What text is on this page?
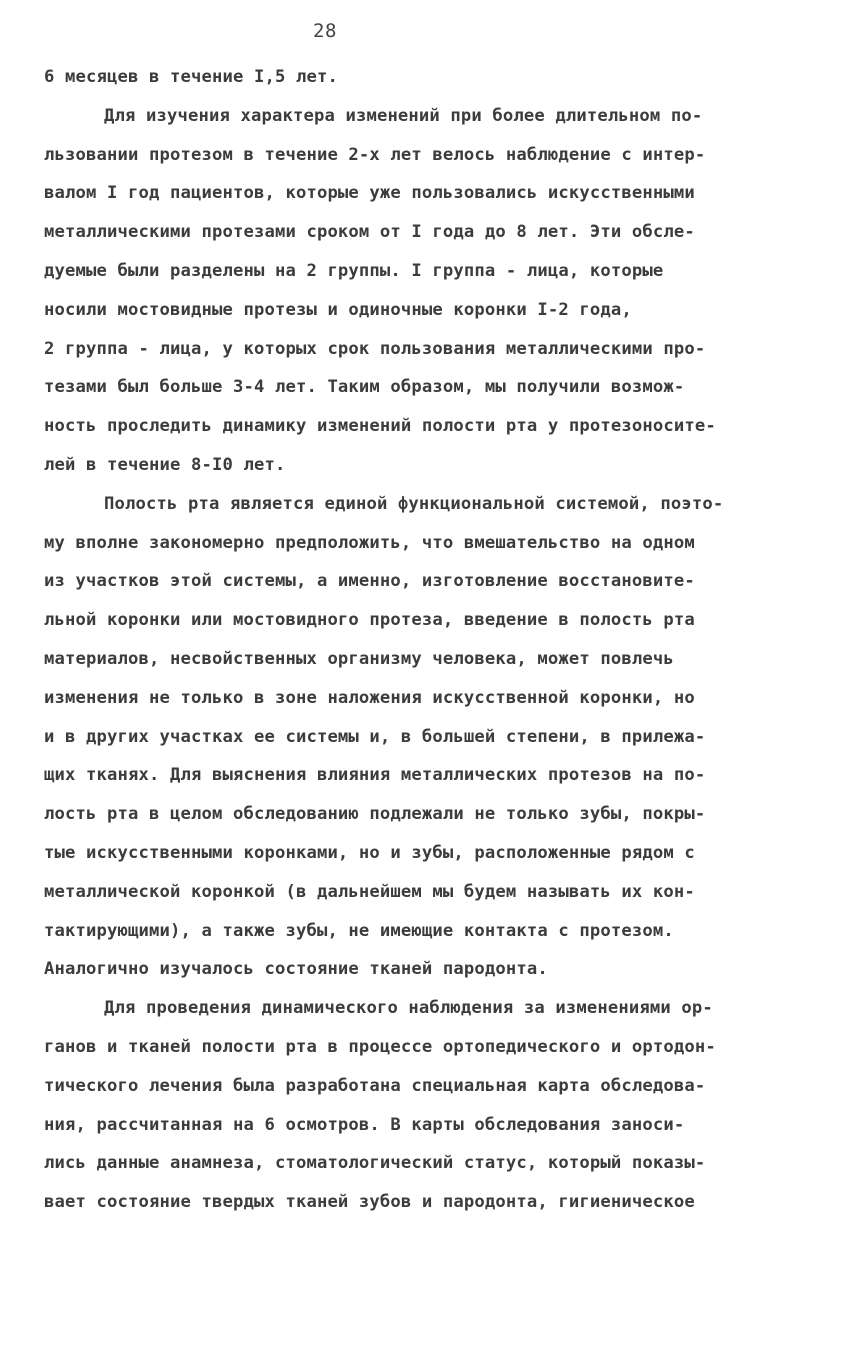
28
6 месяцев в течение I,5 лет.
Для изучения характера изменений при более длительном по-
льзовании протезом в течение 2-х лет велось наблюдение с интер-
валом I год пациентов, которые уже пользовались искусственными
металлическими протезами сроком от I года до 8 лет. Эти обсле-
дуемые были разделены на 2 группы. I группа - лица, которые
носили мостовидные протезы и одиночные коронки I-2 года,
2 группа - лица, у которых срок пользования металлическими про-
тезами был больше 3-4 лет. Таким образом, мы получили возмож-
ность проследить динамику изменений полости рта у протезоносите-
лей в течение 8-I0 лет.
Полость рта является единой функциональной системой, поэто-
му вполне закономерно предположить, что вмешательство на одном
из участков этой системы, а именно, изготовление восстановите-
льной коронки или мостовидного протеза, введение в полость рта
материалов, несвойственных организму человека, может повлечь
изменения не только в зоне наложения искусственной коронки, но
и в других участках ее системы и, в большей степени, в прилежа-
щих тканях. Для выяснения влияния металлических протезов на по-
лость рта в целом обследованию подлежали не только зубы, покры-
тые искусственными коронками, но и зубы, расположенные рядом с
металлической коронкой (в дальнейшем мы будем называть их кон-
тактирующими), а также зубы, не имеющие контакта с протезом.
Аналогично изучалось состояние тканей пародонта.
Для проведения динамического наблюдения за изменениями ор-
ганов и тканей полости рта в процессе ортопедического и ортодон-
тического лечения была разработана специальная карта обследова-
ния, рассчитанная на 6 осмотров. В карты обследования заноси-
лись данные анамнеза, стоматологический статус, который показы-
вает состояние твердых тканей зубов и пародонта, гигиеническое
